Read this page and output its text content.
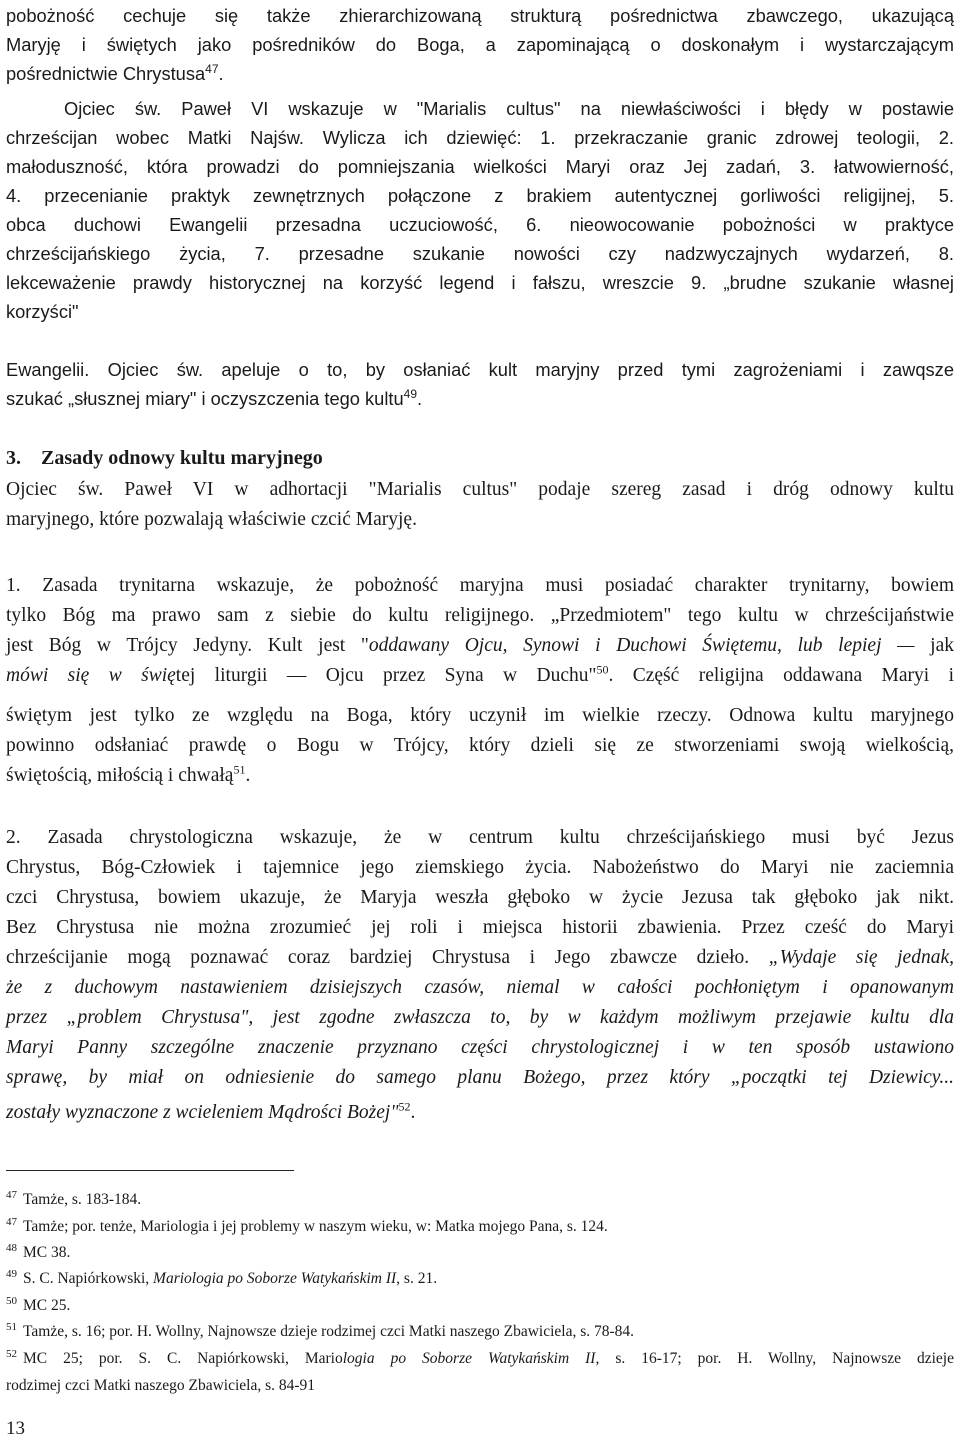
pobożność cechuje się także zhierarchizowaną strukturą pośrednictwa zbawczego, ukazującą
Maryję i świętych jako pośredników do Boga, a zapominającą o doskonałym i wystarczającym
pośrednictwie Chrystusa$^{47}$.
Ojciec św. Paweł VI wskazuje w "Marialis cultus" na niewłaściwości i błędy w postawie
chrześcijan wobec Matki Najśw. Wylicza ich dziewięć: 1. przekraczanie granic zdrowej teologii, 2.
małoduszność, która prowadzi do pomniejszania wielkości Maryi oraz Jej zadań, 3. łatwowierność,
4. przecenianie praktyk zewnętrznych połączone z brakiem autentycznej gorliwości religijnej, 5.
obca duchowi Ewangelii przesadna uczuciowość, 6. nieowocowanie pobożności w praktyce
chrześcijańskiego życia, 7. przesadne szukanie nowości czy nadzwyczajnych wydarzeń, 8.
lekceważenie prawdy historycznej na korzyść legend i fałszu, wreszcie 9. „brudne szukanie własnej
korzyści"
Ewangelii. Ojciec św. apeluje o to, by osłaniać kult maryjny przed tymi zagrożeniami i zawqsze
szukać „słusznej miary" i oczyszczenia tego kultu$^{49}$.
3. Zasady odnowy kultu maryjnego
Ojciec św. Paweł VI w adhortacji "Marialis cultus" podaje szereg zasad i dróg odnowy kultu
maryjnego, które pozwalają właściwie czcić Maryję.
1. Zasada trynitarna wskazuje, że pobożność maryjna musi posiadać charakter trynitarny, bowiem
tylko Bóg ma prawo sam z siebie do kultu religijnego. „Przedmiotem" tego kultu w chrześcijaństwie
jest Bóg w Trójcy Jedyny. Kult jest "oddawany Ojcu, Synowi i Duchowi Świętemu, lub lepiej — jak
mówi się w świętej liturgii — Ojcu przez Syna w Duchu"$^{50}$. Część religijna oddawana Maryi i
świętym jest tylko ze względu na Boga, który uczynił im wielkie rzeczy. Odnowa kultu maryjnego
powinno odsłaniać prawdę o Bogu w Trójcy, który dzieli się ze stworzeniami swoją wielkością,
świętością, miłością i chwałą$^{51}$.
2. Zasada chrystologiczna wskazuje, że w centrum kultu chrześcijańskiego musi być Jezus
Chrystus, Bóg-Człowiek i tajemnice jego ziemskiego życia. Nabożeństwo do Maryi nie zaciemnia
czci Chrystusa, bowiem ukazuje, że Maryja weszła głęboko w życie Jezusa tak głęboko jak nikt.
Bez Chrystusa nie można zrozumieć jej roli i miejsca historii zbawienia. Przez cześć do Maryi
chrześcijanie mogą poznawać coraz bardziej Chrystusa i Jego zbawcze dzieło. „Wydaje się jednak,
że z duchowym nastawieniem dzisiejszych czasów, niemal w całości pochłoniętym i opanowanym
przez „problem Chrystusa", jest zgodne zwłaszcza to, by w każdym możliwym przejawie kultu dla
Maryi Panny szczególne znaczenie przyznano części chrystologicznej i w ten sposób ustawiono
sprawę, by miał on odniesienie do samego planu Bożego, przez który „początki tej Dziewicy...
zostały wyznaczone z wcieleniem Mądrości Bożej"$^{52}$.
$^{47}$ Tamże, s. 183-184.
$^{47}$ Tamże; por. tenże, Mariologia i jej problemy w naszym wieku, w: Matka mojego Pana, s. 124.
$^{48}$ MC 38.
$^{49}$ S. C. Napiórkowski, Mariologia po Soborze Watykańskim II, s. 21.
$^{50}$ MC 25.
$^{51}$ Tamże, s. 16; por. H. Wollny, Najnowsze dzieje rodzimej czci Matki naszego Zbawiciela, s. 78-84.
$^{52}$ MC 25; por. S. C. Napiórkowski, Mariologia po Soborze Watykańskim II, s. 16-17; por. H. Wollny, Najnowsze dzieje
rodzimej czci Matki naszego Zbawiciela, s. 84-91
13
